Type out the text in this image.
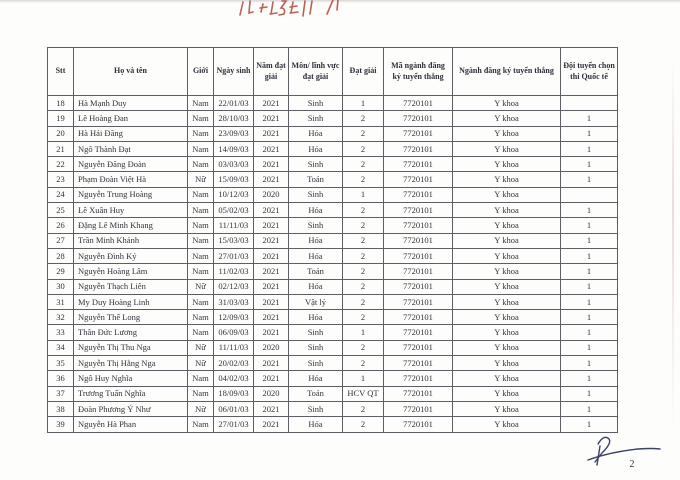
Stt	Họ và tên	Giới	Ngày sinh	Năm đạt giải	Môn/ lĩnh vực đạt giải	Đạt giải	Mã ngành đăng ký tuyển thẳng	Ngành đăng ký tuyển thẳng	Đội tuyển chọn thi Quốc tế
18	Hà Mạnh Duy	Nam	22/01/03	2021	Sinh	1	7720101	Y khoa	
19	Lê Hoàng Đan	Nam	28/10/03	2021	Sinh	2	7720101	Y khoa	1
20	Hà Hải Đăng	Nam	23/09/03	2021	Hóa	2	7720101	Y khoa	1
21	Ngô Thành Đạt	Nam	14/09/03	2021	Hóa	2	7720101	Y khoa	1
22	Nguyễn Đăng Đoàn	Nam	03/03/03	2021	Sinh	2	7720101	Y khoa	1
23	Phạm Đoàn Việt Hà	Nữ	15/09/03	2021	Toán	2	7720101	Y khoa	1
24	Nguyễn Trung Hoàng	Nam	10/12/03	2020	Sinh	1	7720101	Y khoa	
25	Lê Xuân Huy	Nam	05/02/03	2021	Hóa	2	7720101	Y khoa	1
26	Đặng Lê Minh Khang	Nam	11/11/03	2021	Sinh	2	7720101	Y khoa	1
27	Trần Minh Khánh	Nam	15/03/03	2021	Hóa	2	7720101	Y khoa	1
28	Nguyễn Đình Ký	Nam	27/01/03	2021	Hóa	2	7720101	Y khoa	1
29	Nguyễn Hoàng Lâm	Nam	11/02/03	2021	Toán	2	7720101	Y khoa	1
30	Nguyễn Thạch Liên	Nữ	02/12/03	2021	Hóa	2	7720101	Y khoa	1
31	My Duy Hoàng Linh	Nam	31/03/03	2021	Vật lý	2	7720101	Y khoa	1
32	Nguyễn Thế Long	Nam	12/09/03	2021	Hóa	2	7720101	Y khoa	1
33	Thân Đức Lương	Nam	06/09/03	2021	Sinh	1	7720101	Y khoa	1
34	Nguyễn Thị Thu Nga	Nữ	11/11/03	2020	Sinh	2	7720101	Y khoa	1
35	Nguyễn Thị Hằng Nga	Nữ	20/02/03	2021	Sinh	2	7720101	Y khoa	1
36	Ngô Huy Nghĩa	Nam	04/02/03	2021	Hóa	1	7720101	Y khoa	1
37	Trương Tuấn Nghĩa	Nam	18/09/03	2020	Toán	HCV QT	7720101	Y khoa	1
38	Đoàn Phương Ý Như	Nữ	06/01/03	2021	Sinh	2	7720101	Y khoa	1
39	Nguyễn Hà Phan	Nam	27/01/03	2021	Hóa	2	7720101	Y khoa	1
2
